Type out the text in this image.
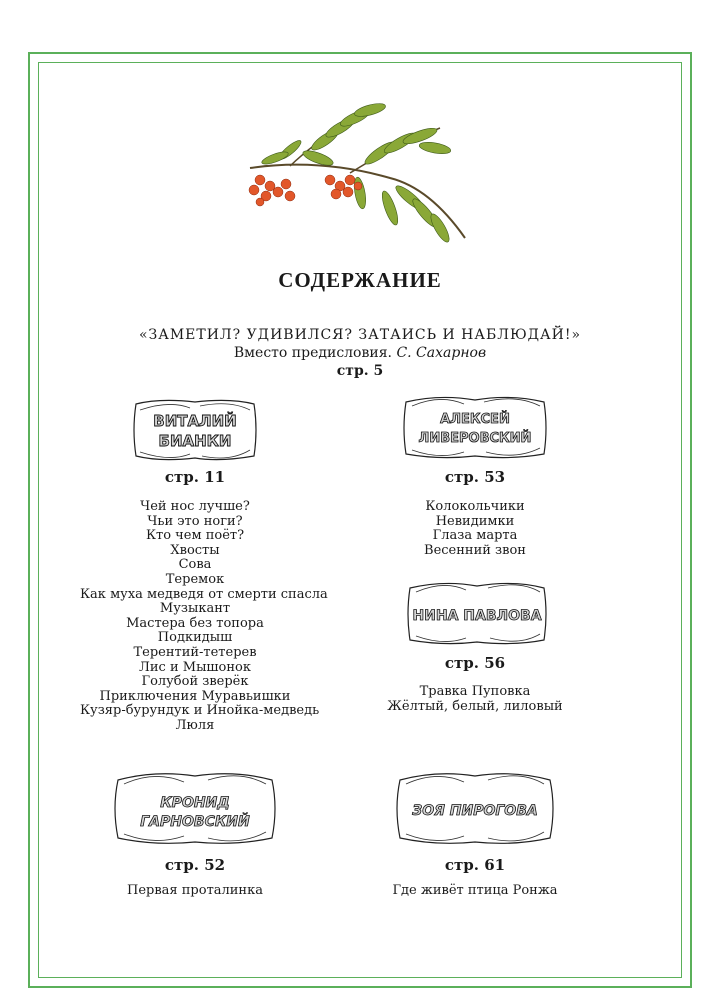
СОДЕРЖАНИЕ
«ЗАМЕТИЛ? УДИВИЛСЯ? ЗАТАИСЬ И НАБЛЮДАЙ!»
Вместо предисловия. С. Сахарнов
стр. 5
ВИТАЛИЙ
БИАНКИ
стр. 11
Чей нос лучше?
Чьи это ноги?
Кто чем поёт?
Хвосты
Сова
Теремок
Как муха медведя от смерти спасла
Музыкант
Мастера без топора
Подкидыш
Терентий-тетерев
Лис и Мышонок
Голубой зверёк
Приключения Муравьишки
Кузяр-бурундук и Инойка-медведь
Люля
АЛЕКСЕЙ
ЛИВЕРОВСКИЙ
стр. 53
Колокольчики
Невидимки
Глаза марта
Весенний звон
НИНА ПАВЛОВА
стр. 56
Травка Пуповка
Жёлтый, белый, лиловый
КРОНИД
ГАРНОВСКИЙ
стр. 52
Первая проталинка
ЗОЯ ПИРОГОВА
стр. 61
Где живёт птица Ронжа
